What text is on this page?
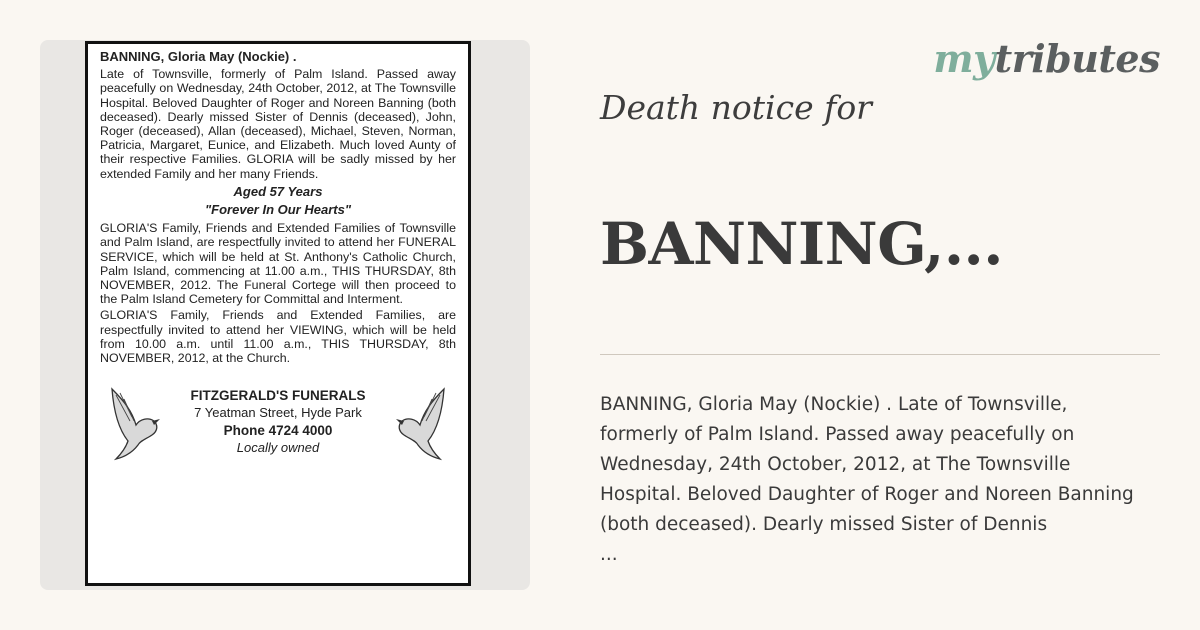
BANNING, Gloria May (Nockie) .
Late of Townsville, formerly of Palm Island. Passed away peacefully on Wednesday, 24th October, 2012, at The Townsville Hospital. Beloved Daughter of Roger and Noreen Banning (both deceased). Dearly missed Sister of Dennis (deceased), John, Roger (deceased), Allan (deceased), Michael, Steven, Norman, Patricia, Margaret, Eunice, and Elizabeth. Much loved Aunty of their respective Families. GLORIA will be sadly missed by her extended Family and her many Friends.
Aged 57 Years
"Forever In Our Hearts"
GLORIA'S Family, Friends and Extended Families of Townsville and Palm Island, are respectfully invited to attend her FUNERAL SERVICE, which will be held at St. Anthony's Catholic Church, Palm Island, commencing at 11.00 a.m., THIS THURSDAY, 8th NOVEMBER, 2012. The Funeral Cortege will then proceed to the Palm Island Cemetery for Committal and Interment.
GLORIA'S Family, Friends and Extended Families, are respectfully invited to attend her VIEWING, which will be held from 10.00 a.m. until 11.00 a.m., THIS THURSDAY, 8th NOVEMBER, 2012, at the Church.
FITZGERALD'S FUNERALS
7 Yeatman Street, Hyde Park
Phone 4724 4000
Locally owned
mytributes
Death notice for
BANNING,...
BANNING, Gloria May (Nockie) . Late of Townsville,
formerly of Palm Island. Passed away peacefully on
Wednesday, 24th October, 2012, at The Townsville
Hospital. Beloved Daughter of Roger and Noreen Banning
(both deceased). Dearly missed Sister of Dennis
...
